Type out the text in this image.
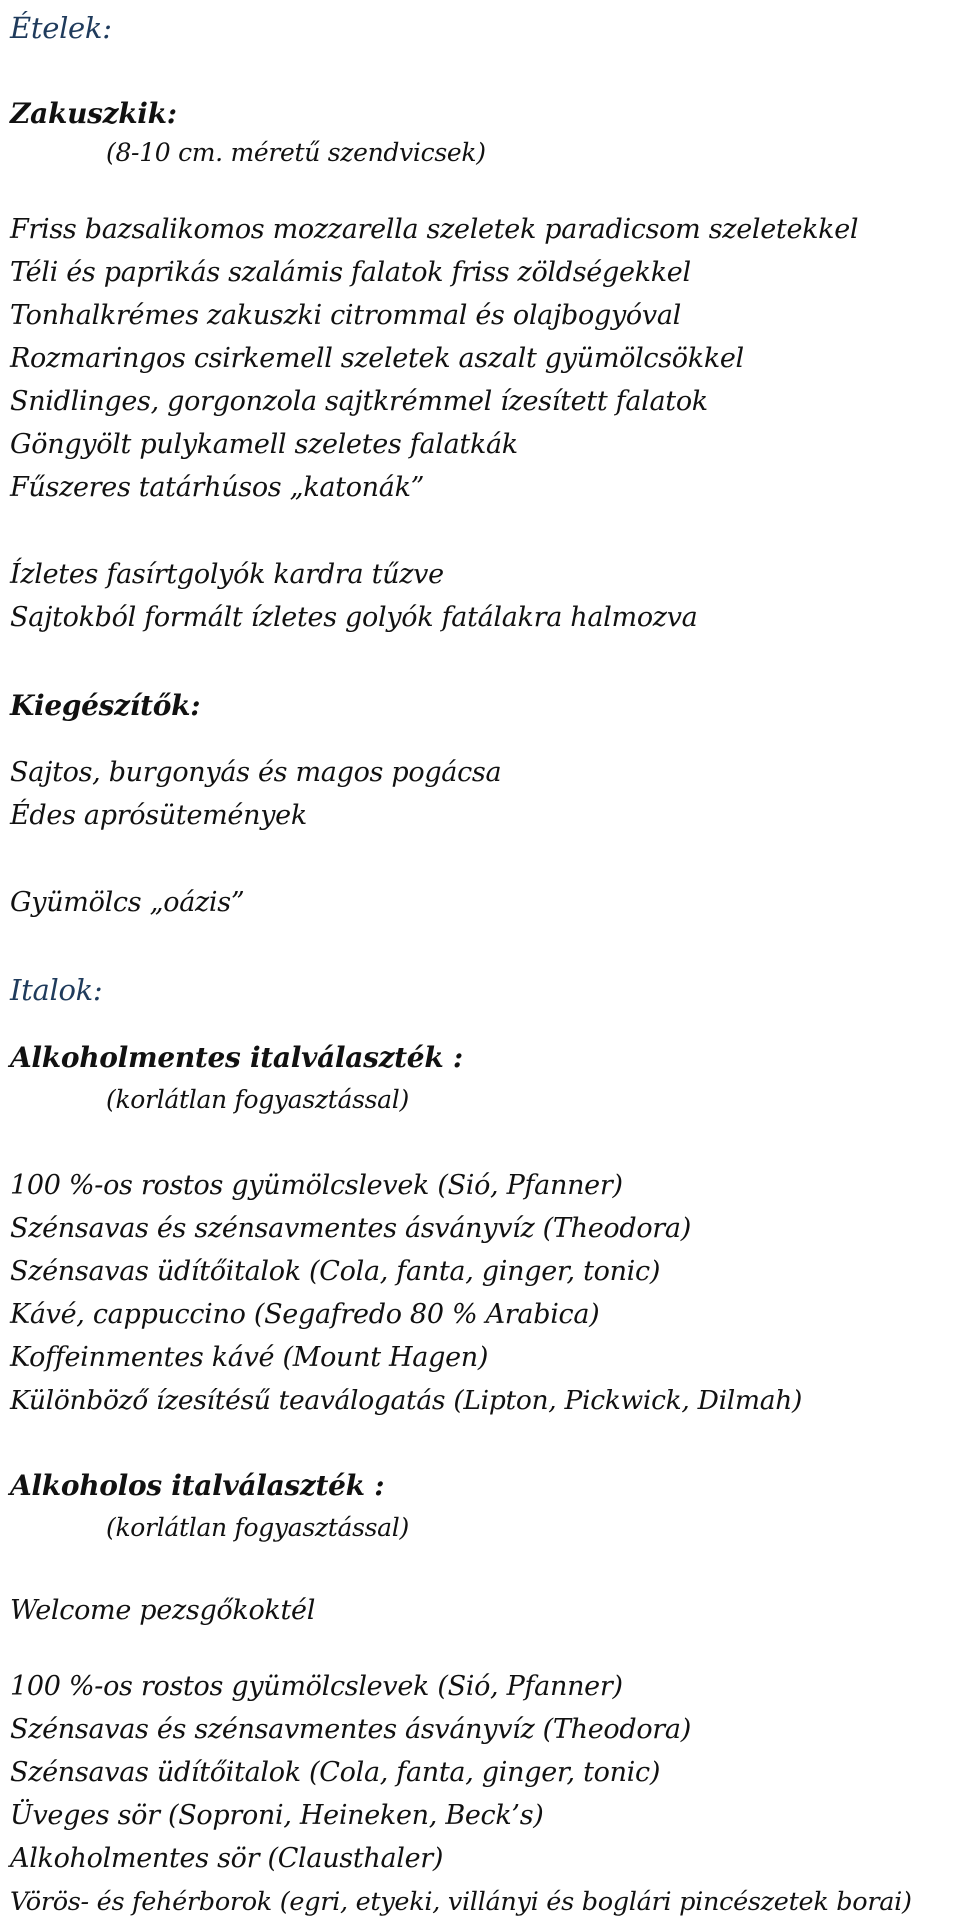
Ételek:
Zakuszkik:
(8-10 cm. méretű szendvicsek)
Friss bazsalikomos mozzarella szeletek paradicsom szeletekkel
Téli és paprikás szalámis falatok friss zöldségekkel
Tonhalkrémes zakuszki citrommal és olajbogyóval
Rozmaringos csirkemell szeletek aszalt gyümölcsökkel
Snidlinges, gorgonzola sajtkrémmel ízesített falatok
Göngyölt pulykamell szeletes falatkák
Fűszeres tatárhúsos „katonák”
Ízletes fasírtgolyók kardra tűzve
Sajtokból formált ízletes golyók fatálakra halmozva
Kiegészítők:
Sajtos, burgonyás és magos pogácsa
Édes aprósütemények
Gyümölcs „oázis”
Italok:
Alkoholmentes italválaszték :
(korlátlan fogyasztással)
100 %-os rostos gyümölcslevek (Sió, Pfanner)
Szénsavas és szénsavmentes ásványvíz (Theodora)
Szénsavas üdítőitalok (Cola, fanta, ginger, tonic)
Kávé, cappuccino (Segafredo 80 % Arabica)
Koffeinmentes kávé (Mount Hagen)
Különböző ízesítésű teaválogatás (Lipton, Pickwick, Dilmah)
Alkoholos italválaszték :
(korlátlan fogyasztással)
Welcome pezsgőkoktél
100 %-os rostos gyümölcslevek (Sió, Pfanner)
Szénsavas és szénsavmentes ásványvíz (Theodora)
Szénsavas üdítőitalok (Cola, fanta, ginger, tonic)
Üveges sör (Soproni, Heineken, Beck’s)
Alkoholmentes sör (Clausthaler)
Vörös- és fehérborok (egri, etyeki, villányi és boglári pincészetek borai)
